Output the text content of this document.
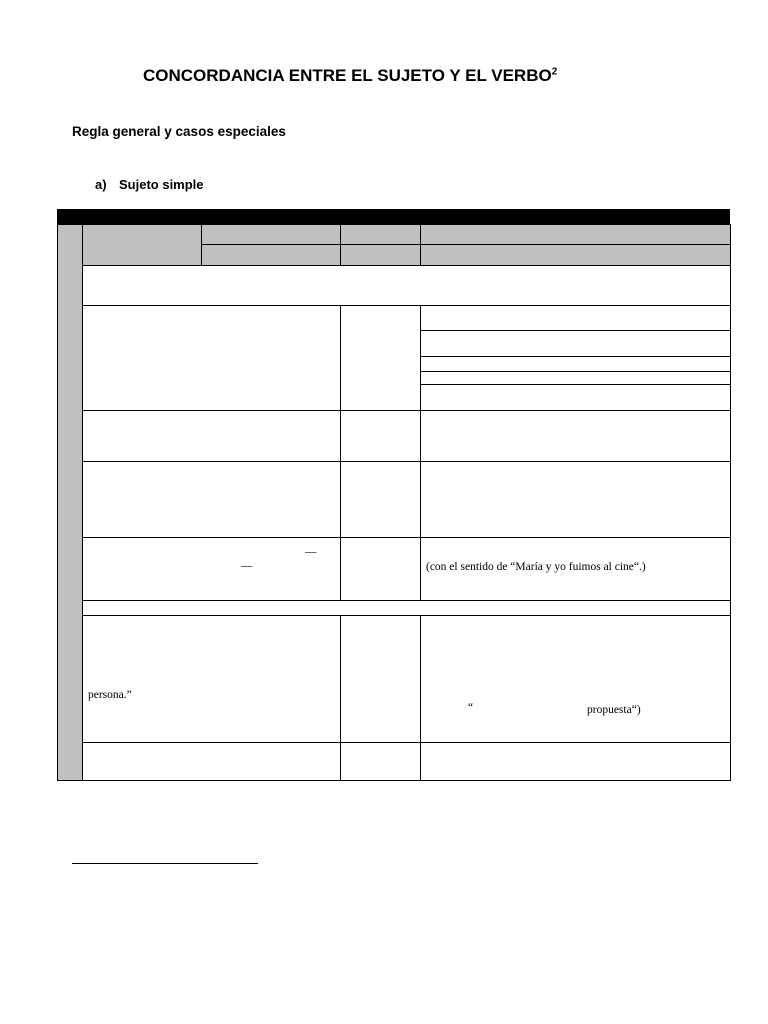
CONCORDANCIA ENTRE EL SUJETO Y EL VERBO$^2$
Regla general y casos especiales
a) Sujeto simple
—
—	(con el sentido de “María y yo fuimos al cine“.)
persona.”
“	propuesta“)
